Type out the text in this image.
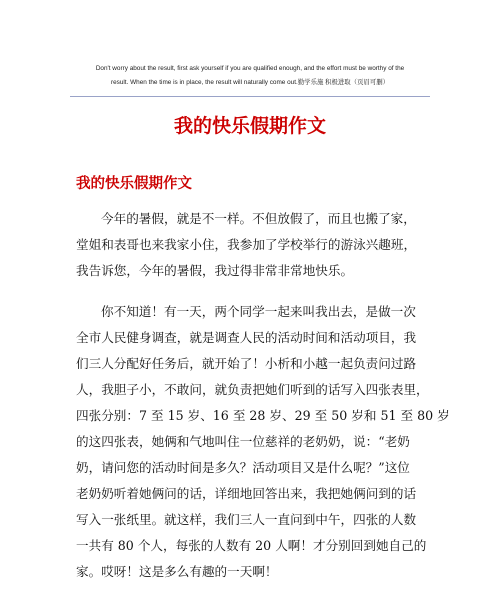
Don't worry about the result, first ask yourself if you are qualified enough, and the effort must be worthy of the
result. When the time is in place, the result will naturally come out.勤学乐施 积极进取（页眉可删）
我的快乐假期作文
我的快乐假期作文
今年的暑假，就是不一样。不但放假了，而且也搬了家，
堂姐和表哥也来我家小住，我参加了学校举行的游泳兴趣班，
我告诉您，今年的暑假，我过得非常非常地快乐。
你不知道！有一天，两个同学一起来叫我出去，是做一次
全市人民健身调查，就是调查人民的活动时间和活动项目，我
们三人分配好任务后，就开始了！小析和小越一起负责问过路
人，我胆子小，不敢问，就负责把她们听到的话写入四张表里，
四张分别：7 至 15 岁、16 至 28 岁、29 至 50 岁和 51 至 80 岁
的这四张表，她俩和气地叫住一位慈祥的老奶奶，说：“老奶
奶，请问您的活动时间是多久？活动项目又是什么呢？”这位
老奶奶听着她俩问的话，详细地回答出来，我把她俩问到的话
写入一张纸里。就这样，我们三人一直问到中午，四张的人数
一共有 80 个人，每张的人数有 20 人啊！才分别回到她自己的
家。哎呀！这是多么有趣的一天啊！
